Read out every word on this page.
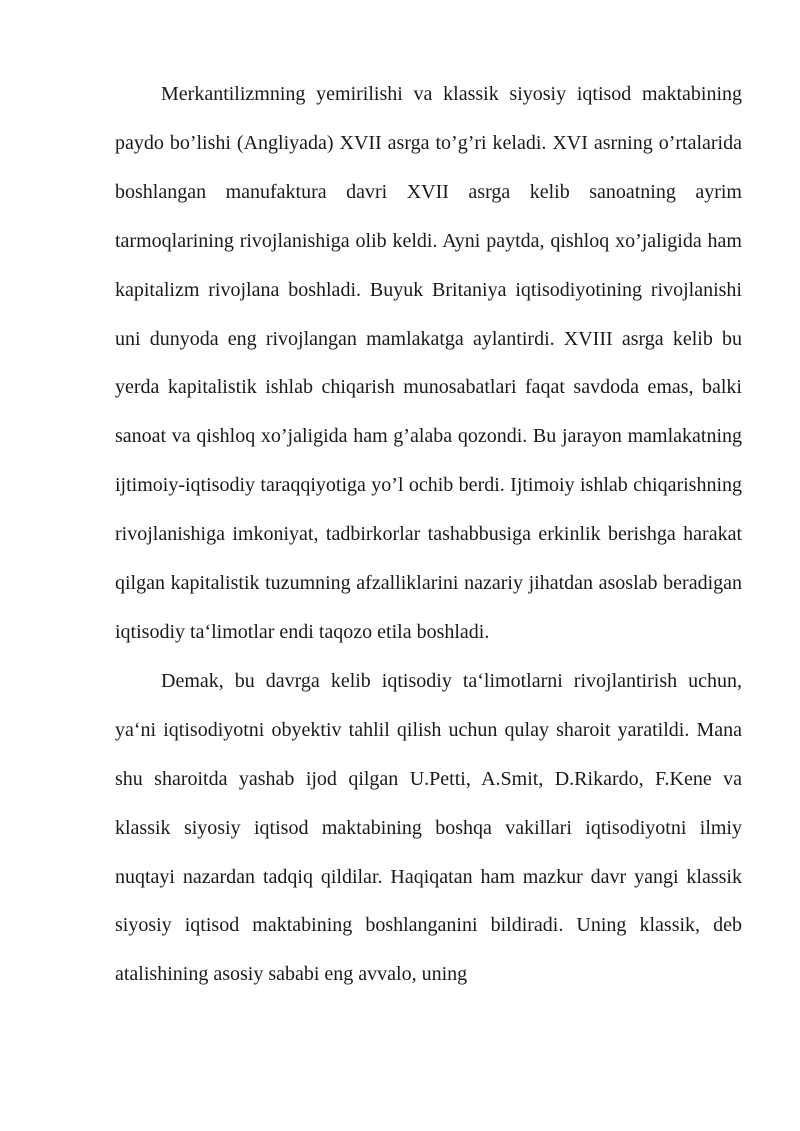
Merkantilizmning yemirilishi va klassik siyosiy iqtisod maktabining paydo bo’lishi (Angliyada) XVII asrga to’g’ri keladi. XVI asrning o’rtalarida boshlangan manufaktura davri XVII asrga kelib sanoatning ayrim tarmoqlarining rivojlanishiga olib keldi. Ayni paytda, qishloq xo’jaligida ham kapitalizm rivojlana boshladi. Buyuk Britaniya iqtisodiyotining rivojlanishi uni dunyoda eng rivojlangan mamlakatga aylantirdi. XVIII asrga kelib bu yerda kapitalistik ishlab chiqarish munosabatlari faqat savdoda emas, balki sanoat va qishloq xo’jaligida ham g’alaba qozondi. Bu jarayon mamlakatning ijtimoiy-iqtisodiy taraqqiyotiga yo’l ochib berdi. Ijtimoiy ishlab chiqarishning rivojlanishiga imkoniyat, tadbirkorlar tashabbusiga erkinlik berishga harakat qilgan kapitalistik tuzumning afzalliklarini nazariy jihatdan asoslab beradigan iqtisodiy ta‘limotlar endi taqozo etila boshladi.

Demak, bu davrga kelib iqtisodiy ta‘limotlarni rivojlantirish uchun, ya‘ni iqtisodiyotni obyektiv tahlil qilish uchun qulay sharoit yaratildi. Mana shu sharoitda yashab ijod qilgan U.Petti, A.Smit, D.Rikardo, F.Kene va klassik siyosiy iqtisod maktabining boshqa vakillari iqtisodiyotni ilmiy nuqtayi nazardan tadqiq qildilar. Haqiqatan ham mazkur davr yangi klassik siyosiy iqtisod maktabining boshlanganini bildiradi. Uning klassik, deb atalishining asosiy sababi eng avvalo, uning
